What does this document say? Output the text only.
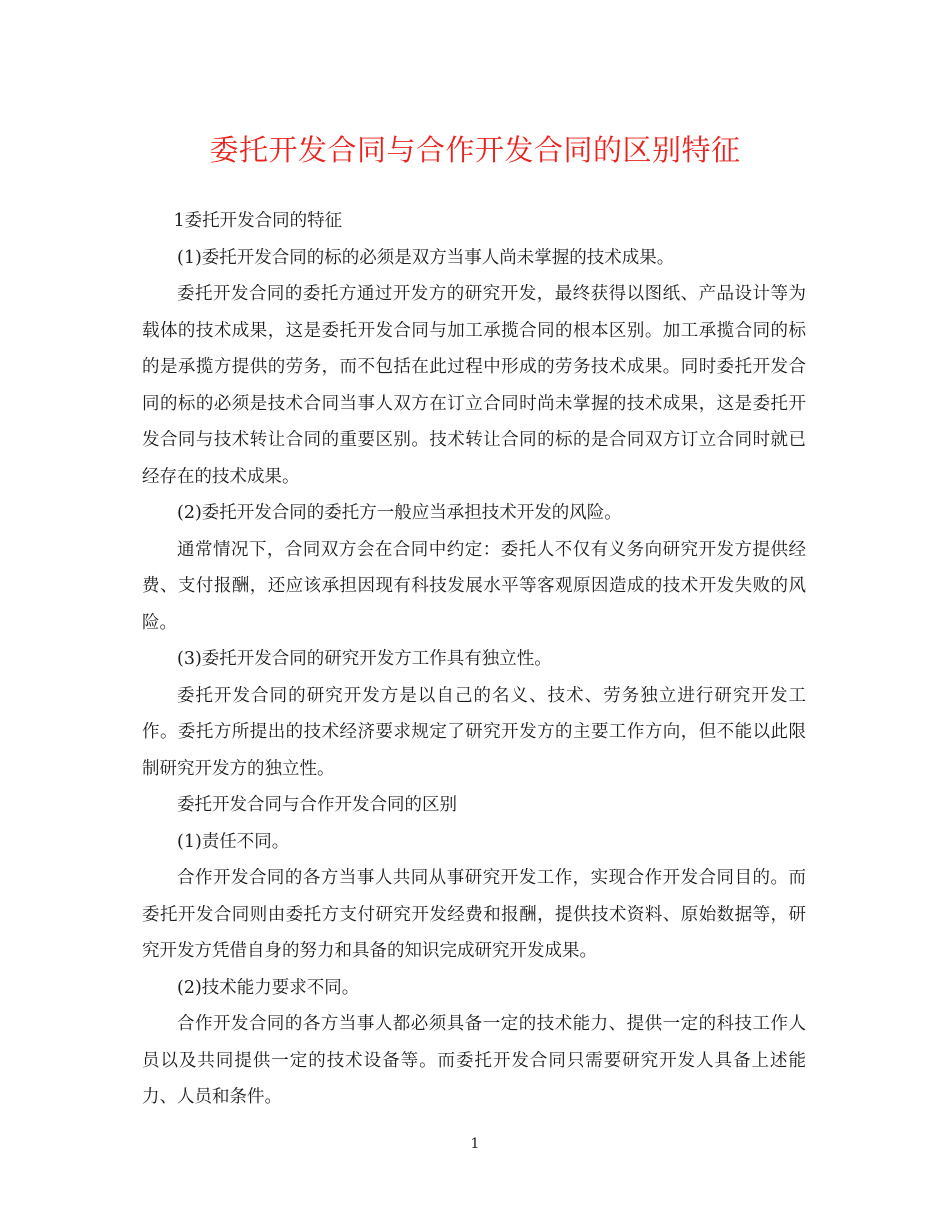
委托开发合同与合作开发合同的区别特征

1委托开发合同的特征

(1)委托开发合同的标的必须是双方当事人尚未掌握的技术成果。

委托开发合同的委托方通过开发方的研究开发，最终获得以图纸、产品设计等为载体的技术成果，这是委托开发合同与加工承揽合同的根本区别。加工承揽合同的标的是承揽方提供的劳务，而不包括在此过程中形成的劳务技术成果。同时委托开发合同的标的必须是技术合同当事人双方在订立合同时尚未掌握的技术成果，这是委托开发合同与技术转让合同的重要区别。技术转让合同的标的是合同双方订立合同时就已经存在的技术成果。

(2)委托开发合同的委托方一般应当承担技术开发的风险。

通常情况下，合同双方会在合同中约定：委托人不仅有义务向研究开发方提供经费、支付报酬，还应该承担因现有科技发展水平等客观原因造成的技术开发失败的风险。

(3)委托开发合同的研究开发方工作具有独立性。

委托开发合同的研究开发方是以自己的名义、技术、劳务独立进行研究开发工作。委托方所提出的技术经济要求规定了研究开发方的主要工作方向，但不能以此限制研究开发方的独立性。

委托开发合同与合作开发合同的区别

(1)责任不同。

合作开发合同的各方当事人共同从事研究开发工作，实现合作开发合同目的。而委托开发合同则由委托方支付研究开发经费和报酬，提供技术资料、原始数据等，研究开发方凭借自身的努力和具备的知识完成研究开发成果。

(2)技术能力要求不同。

合作开发合同的各方当事人都必须具备一定的技术能力、提供一定的科技工作人员以及共同提供一定的技术设备等。而委托开发合同只需要研究开发人具备上述能力、人员和条件。

1
